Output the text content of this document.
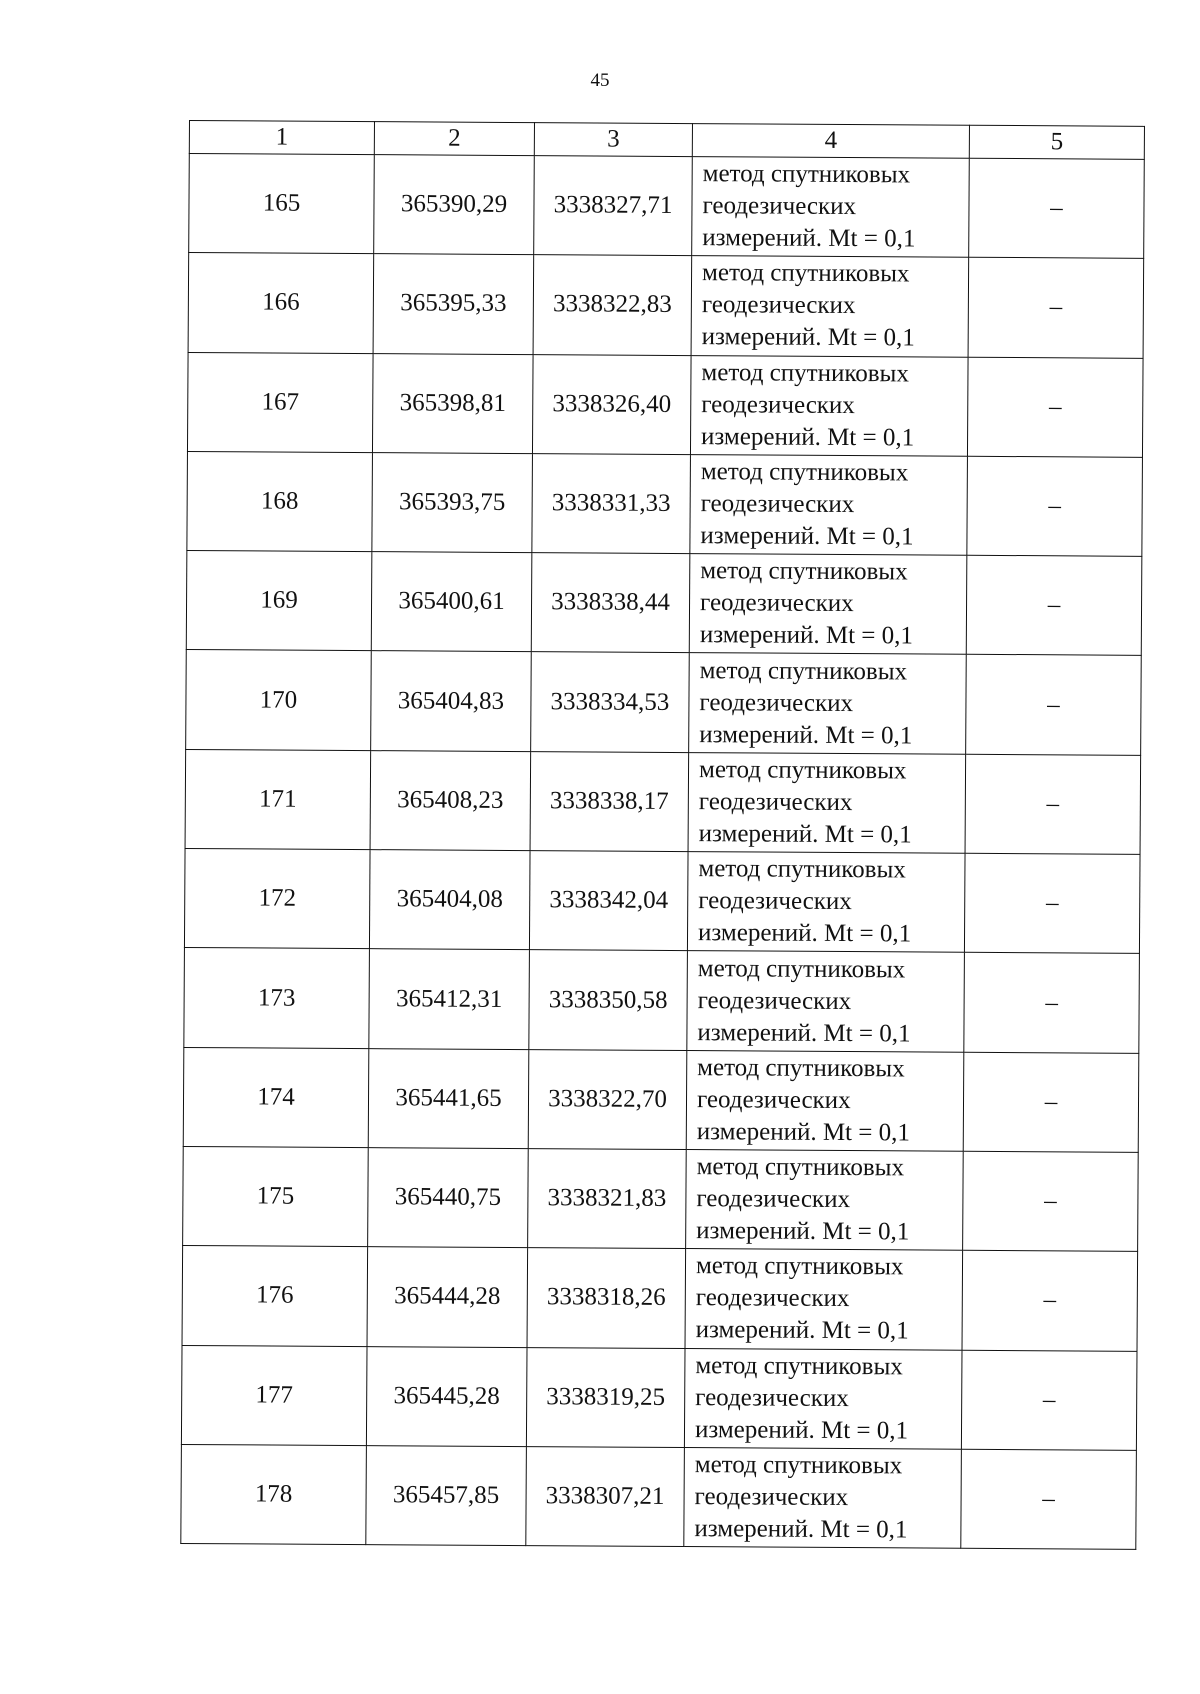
45
1	2	3	4	5
165	365390,29	3338327,71	метод спутниковых
геодезических
измерений. Mt = 0,1	–
166	365395,33	3338322,83	метод спутниковых
геодезических
измерений. Mt = 0,1	–
167	365398,81	3338326,40	метод спутниковых
геодезических
измерений. Mt = 0,1	–
168	365393,75	3338331,33	метод спутниковых
геодезических
измерений. Mt = 0,1	–
169	365400,61	3338338,44	метод спутниковых
геодезических
измерений. Mt = 0,1	–
170	365404,83	3338334,53	метод спутниковых
геодезических
измерений. Mt = 0,1	–
171	365408,23	3338338,17	метод спутниковых
геодезических
измерений. Mt = 0,1	–
172	365404,08	3338342,04	метод спутниковых
геодезических
измерений. Mt = 0,1	–
173	365412,31	3338350,58	метод спутниковых
геодезических
измерений. Mt = 0,1	–
174	365441,65	3338322,70	метод спутниковых
геодезических
измерений. Mt = 0,1	–
175	365440,75	3338321,83	метод спутниковых
геодезических
измерений. Mt = 0,1	–
176	365444,28	3338318,26	метод спутниковых
геодезических
измерений. Mt = 0,1	–
177	365445,28	3338319,25	метод спутниковых
геодезических
измерений. Mt = 0,1	–
178	365457,85	3338307,21	метод спутниковых
геодезических
измерений. Mt = 0,1	–
